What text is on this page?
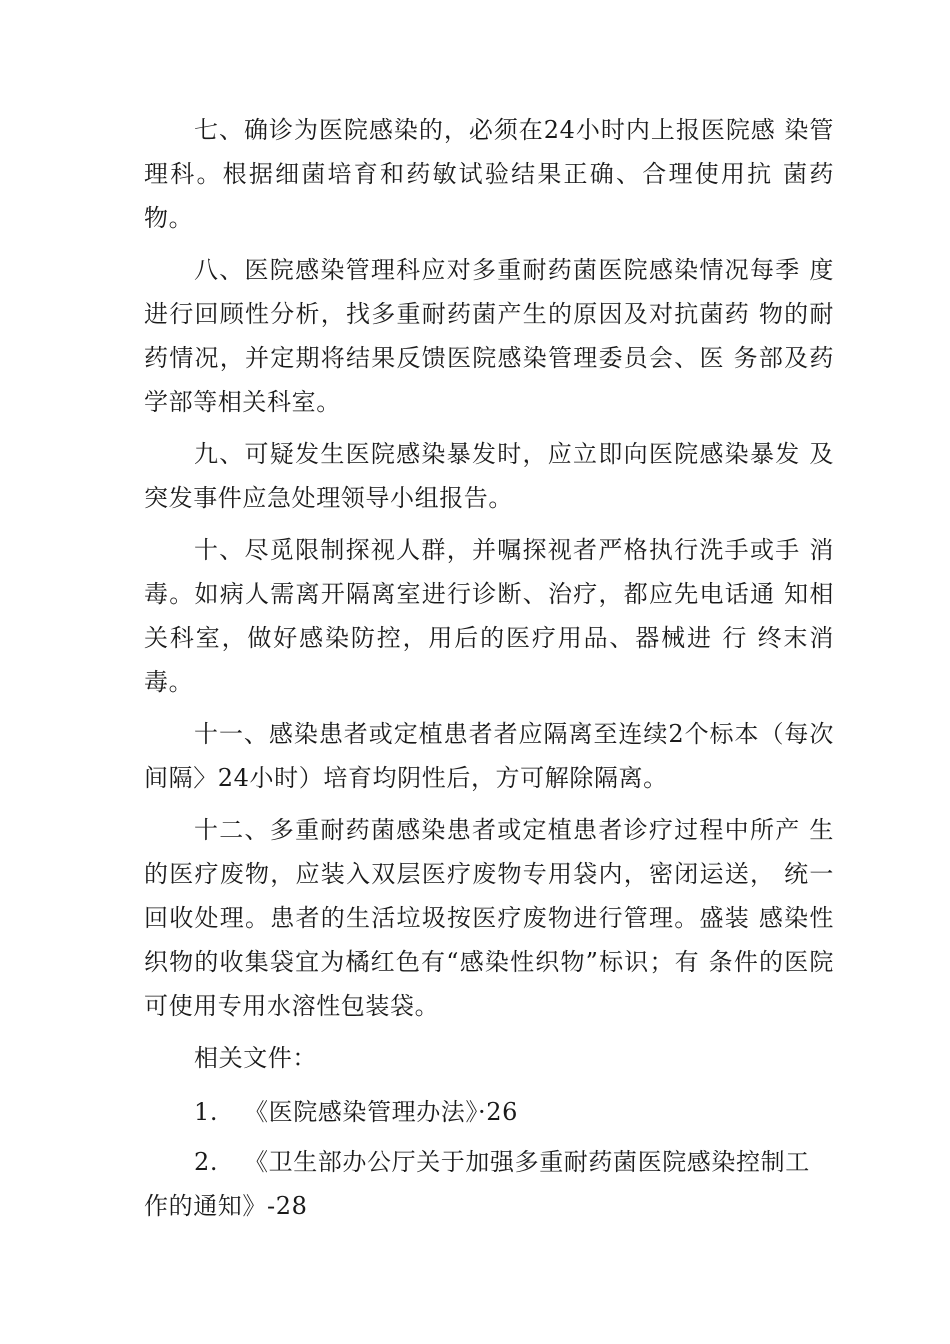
七、确诊为医院感染的，必须在24小时内上报医院感 染管理科。根据细菌培育和药敏试验结果正确、合理使用抗 菌药物。

八、医院感染管理科应对多重耐药菌医院感染情况每季 度进行回顾性分析，找多重耐药菌产生的原因及对抗菌药 物的耐药情况，并定期将结果反馈医院感染管理委员会、医 务部及药学部等相关科室。

九、可疑发生医院感染暴发时，应立即向医院感染暴发 及突发事件应急处理领导小组报告。

十、尽觅限制探视人群，并嘱探视者严格执行洗手或手 消毒。如病人需离开隔离室进行诊断、治疗，都应先电话通 知相关科室，做好感染防控，用后的医疗用品、器械进 行 终末消毒。

十一、感染患者或定植患者者应隔离至连续2个标本（每次间隔〉24小时）培育均阴性后，方可解除隔离。

十二、多重耐药菌感染患者或定植患者诊疗过程中所产 生的医疗废物，应装入双层医疗废物专用袋内，密闭运送， 统一回收处理。患者的生活垃圾按医疗废物进行管理。盛装 感染性织物的收集袋宜为橘红色有“感染性织物”标识；有 条件的医院可使用专用水溶性包装袋。

相关文件：

1. 《医院感染管理办法》·26

2. 《卫生部办公厅关于加强多重耐药菌医院感染控制工作的通知》-28
